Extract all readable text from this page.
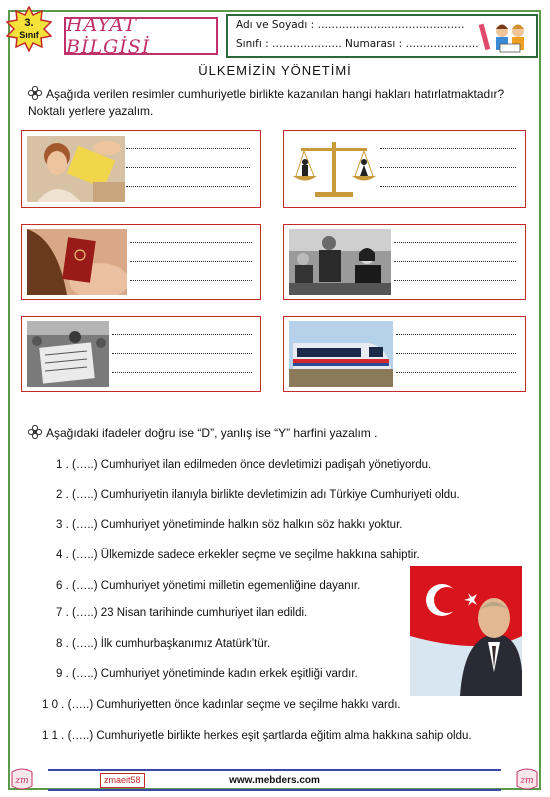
3.
Sınıf	HAYAT BİLGİSİ
Adı ve Soyadı : ……………………………………
Sınıfı : ……………….. Numarası : ………………...
ÜLKEMİZİN YÖNETİMİ
Aşağıda verilen resimler cumhuriyetle birlikte kazanılan hangi hakları hatırlatmaktadır? Noktalı yerlere yazalım.
Aşağıdaki ifadeler doğru ise “D”, yanlış ise “Y” harfini yazalım .
1 . (…..) Cumhuriyet ilan edilmeden önce devletimizi padişah yönetiyordu.
2 . (…..) Cumhuriyetin ilanıyla birlikte devletimizin adı Türkiye Cumhuriyeti oldu.
3 . (…..) Cumhuriyet yönetiminde halkın söz halkın söz hakkı yoktur.
4 . (…..) Ülkemizde sadece erkekler seçme ve seçilme hakkına sahiptir.
6 . (…..) Cumhuriyet yönetimi milletin egemenliğine dayanır.
7 . (…..) 23 Nisan tarihinde cumhuriyet ilan edildi.
8 . (…..) İlk cumhurbaşkanımız Atatürk’tür.
9 . (…..) Cumhuriyet yönetiminde kadın erkek eşitliği vardır.
1 0 . (…..) Cumhuriyetten önce kadınlar seçme ve seçilme hakkı vardı.
1 1 . (…..) Cumhuriyetle birlikte herkes eşit şartlarda eğitim alma hakkına sahip oldu.
zm	zmaeit58	www.mebders.com	zm
